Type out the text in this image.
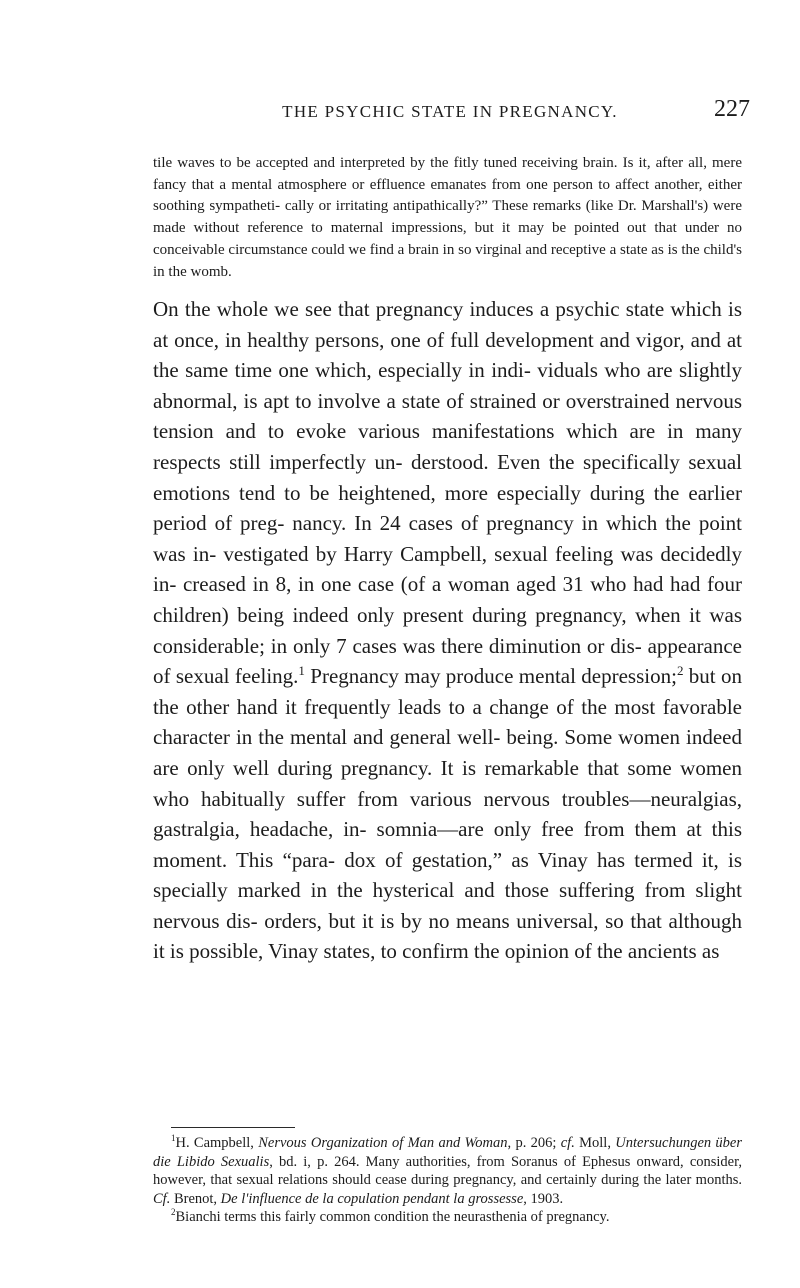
THE PSYCHIC STATE IN PREGNANCY.	227

tile waves to be accepted and interpreted by the fitly tuned receiving brain. Is it, after all, mere fancy that a mental atmosphere or effluence emanates from one person to affect another, either soothing sympatheti- cally or irritating antipathically?” These remarks (like Dr. Marshall's) were made without reference to maternal impressions, but it may be pointed out that under no conceivable circumstance could we find a brain in so virginal and receptive a state as is the child's in the womb.

On the whole we see that pregnancy induces a psychic state which is at once, in healthy persons, one of full development and vigor, and at the same time one which, especially in indi- viduals who are slightly abnormal, is apt to involve a state of strained or overstrained nervous tension and to evoke various manifestations which are in many respects still imperfectly un- derstood. Even the specifically sexual emotions tend to be heightened, more especially during the earlier period of preg- nancy. In 24 cases of pregnancy in which the point was in- vestigated by Harry Campbell, sexual feeling was decidedly in- creased in 8, in one case (of a woman aged 31 who had had four children) being indeed only present during pregnancy, when it was considerable; in only 7 cases was there diminution or dis- appearance of sexual feeling.$^1$ Pregnancy may produce mental depression;$^2$ but on the other hand it frequently leads to a change of the most favorable character in the mental and general well- being. Some women indeed are only well during pregnancy. It is remarkable that some women who habitually suffer from various nervous troubles—neuralgias, gastralgia, headache, in- somnia—are only free from them at this moment. This “para- dox of gestation,” as Vinay has termed it, is specially marked in the hysterical and those suffering from slight nervous dis- orders, but it is by no means universal, so that although it is possible, Vinay states, to confirm the opinion of the ancients as

$^1$H. Campbell, Nervous Organization of Man and Woman, p. 206; cf. Moll, Untersuchungen über die Libido Sexualis, bd. i, p. 264. Many authorities, from Soranus of Ephesus onward, consider, however, that sexual relations should cease during pregnancy, and certainly during the later months. Cf. Brenot, De l'influence de la copulation pendant la grossesse, 1903.

$^2$Bianchi terms this fairly common condition the neurasthenia of pregnancy.
